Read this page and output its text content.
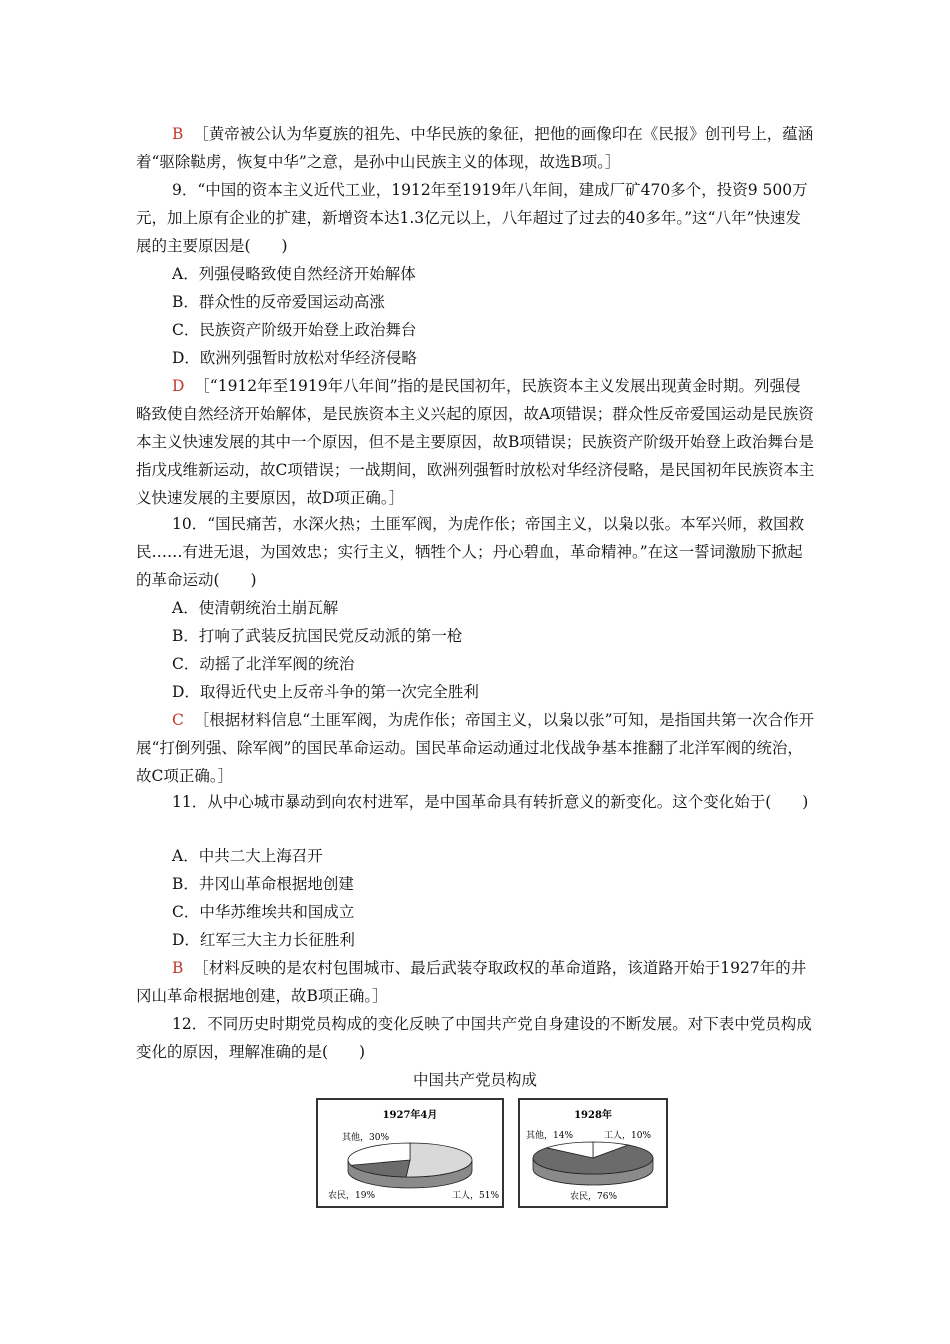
B ［黄帝被公认为华夏族的祖先、中华民族的象征，把他的画像印在《民报》创刊号上，蕴涵着“驱除鞑虏，恢复中华”之意，是孙中山民族主义的体现，故选B项。］
9．“中国的资本主义近代工业，1912年至1919年八年间，建成厂矿470多个，投资9 500万元，加上原有企业的扩建，新增资本达1.3亿元以上，八年超过了过去的40多年。”这“八年”快速发展的主要原因是(　　)
A．列强侵略致使自然经济开始解体
B．群众性的反帝爱国运动高涨
C．民族资产阶级开始登上政治舞台
D．欧洲列强暂时放松对华经济侵略
D ［“1912年至1919年八年间”指的是民国初年，民族资本主义发展出现黄金时期。列强侵略致使自然经济开始解体，是民族资本主义兴起的原因，故A项错误；群众性反帝爱国运动是民族资本主义快速发展的其中一个原因，但不是主要原因，故B项错误；民族资产阶级开始登上政治舞台是指戊戌维新运动，故C项错误；一战期间，欧洲列强暂时放松对华经济侵略，是民国初年民族资本主义快速发展的主要原因，故D项正确。］
10．“国民痛苦，水深火热；土匪军阀，为虎作伥；帝国主义，以枭以张。本军兴师，救国救民……有进无退，为国效忠；实行主义，牺牲个人；丹心碧血，革命精神。”在这一誓词激励下掀起的革命运动(　　)
A．使清朝统治土崩瓦解
B．打响了武装反抗国民党反动派的第一枪
C．动摇了北洋军阀的统治
D．取得近代史上反帝斗争的第一次完全胜利
C ［根据材料信息“土匪军阀，为虎作伥；帝国主义，以枭以张”可知，是指国共第一次合作开展“打倒列强、除军阀”的国民革命运动。国民革命运动通过北伐战争基本推翻了北洋军阀的统治，故C项正确。］
11．从中心城市暴动到向农村进军，是中国革命具有转折意义的新变化。这个变化始于(　　)
A．中共二大上海召开
B．井冈山革命根据地创建
C．中华苏维埃共和国成立
D．红军三大主力长征胜利
B ［材料反映的是农村包围城市、最后武装夺取政权的革命道路，该道路开始于1927年的井冈山革命根据地创建，故B项正确。］
12．不同历史时期党员构成的变化反映了中国共产党自身建设的不断发展。对下表中党员构成变化的原因，理解准确的是(　　)
中国共产党员构成
1927年4月
其他，30%
农民，19%	工人，51%
1928年
其他，14%	工人，10%
农民，76%
